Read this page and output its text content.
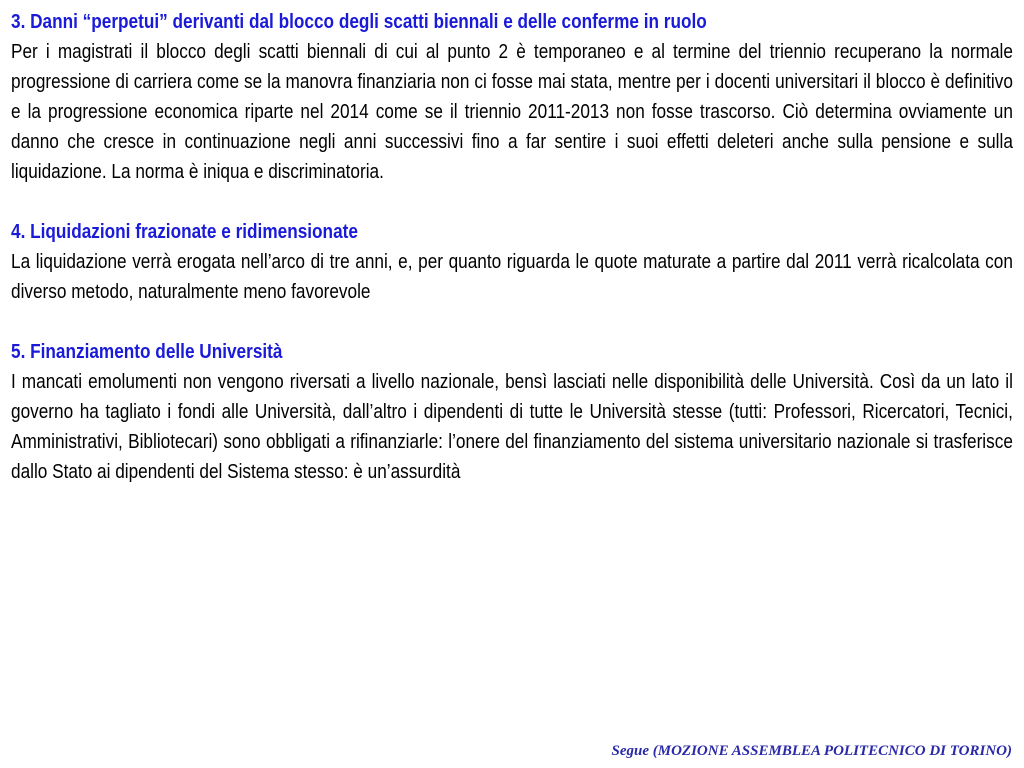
3. Danni “perpetui” derivanti dal blocco degli scatti biennali e delle conferme in ruolo
Per i magistrati il blocco degli scatti biennali di cui al punto 2 è temporaneo e al termine del triennio recuperano la normale progressione di carriera come se la manovra finanziaria non ci fosse mai stata, mentre per i docenti universitari il blocco è definitivo e la progressione economica riparte nel 2014 come se il triennio 2011-2013 non fosse trascorso. Ciò determina ovviamente un danno che cresce in continuazione negli anni successivi fino a far sentire i suoi effetti deleteri anche sulla pensione e sulla liquidazione. La norma è iniqua e discriminatoria.
4. Liquidazioni frazionate e ridimensionate
La liquidazione verrà erogata nell’arco di tre anni, e, per quanto riguarda le quote maturate a partire dal 2011 verrà ricalcolata con diverso metodo, naturalmente meno favorevole
5. Finanziamento delle Università
I mancati emolumenti non vengono riversati a livello nazionale, bensì lasciati nelle disponibilità delle Università. Così da un lato il governo ha tagliato i fondi alle Università, dall’altro i dipendenti di tutte le Università stesse (tutti: Professori, Ricercatori, Tecnici, Amministrativi, Bibliotecari) sono obbligati a rifinanziarle: l’onere del finanziamento del sistema universitario nazionale si trasferisce dallo Stato ai dipendenti del Sistema stesso: è un’assurdità
Segue (MOZIONE ASSEMBLEA POLITECNICO DI TORINO)
